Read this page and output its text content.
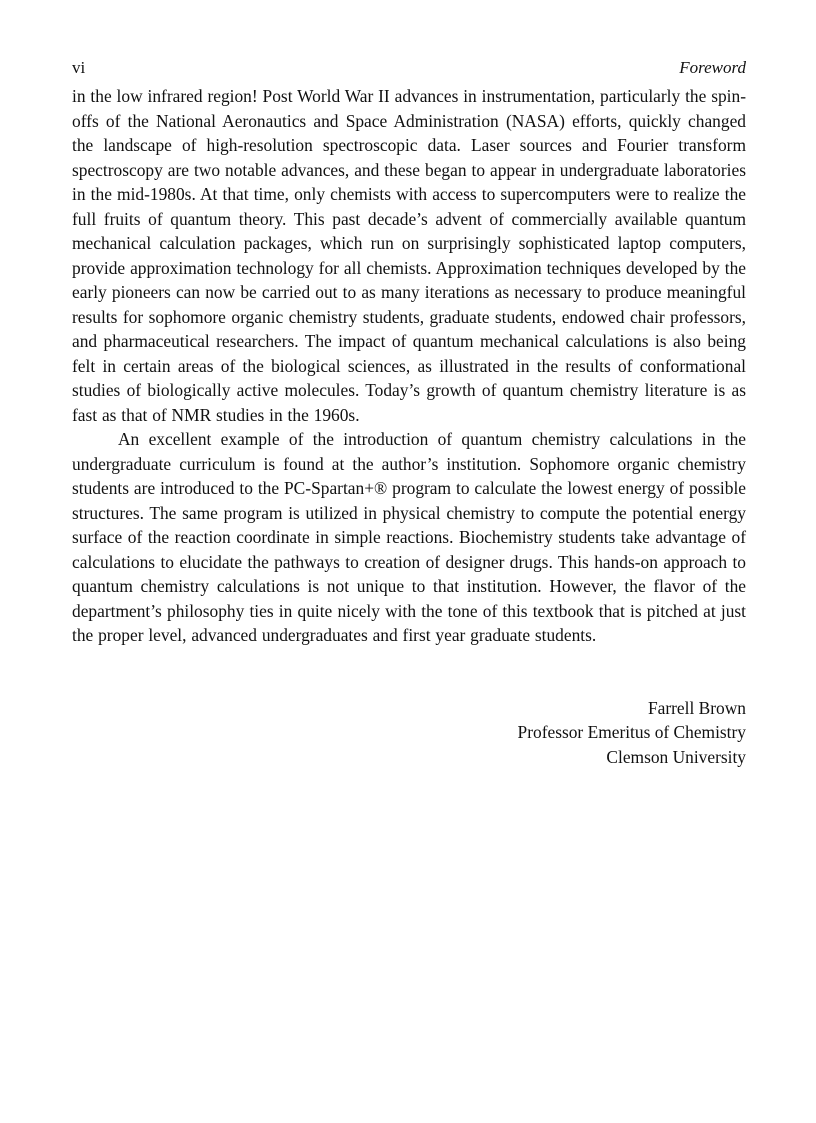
vi	Foreword

in the low infrared region! Post World War II advances in instrumentation, particularly the spin-offs of the National Aeronautics and Space Administration (NASA) efforts, quickly changed the landscape of high-resolution spectroscopic data. Laser sources and Fourier transform spectroscopy are two notable advances, and these began to appear in undergraduate laboratories in the mid-1980s. At that time, only chemists with access to supercomputers were to realize the full fruits of quantum theory. This past decade’s advent of commercially available quantum mechanical calculation packages, which run on surprisingly sophisticated laptop computers, provide approximation technology for all chemists. Approximation techniques developed by the early pioneers can now be carried out to as many iterations as necessary to produce meaningful results for sophomore organic chemistry students, graduate students, endowed chair professors, and pharmaceutical researchers. The impact of quantum mechanical calculations is also being felt in certain areas of the biological sciences, as illustrated in the results of conformational studies of biologically active molecules. Today’s growth of quantum chemistry literature is as fast as that of NMR studies in the 1960s.

An excellent example of the introduction of quantum chemistry calculations in the undergraduate curriculum is found at the author’s institution. Sophomore organic chemistry students are introduced to the PC-Spartan+® program to calculate the lowest energy of possible structures. The same program is utilized in physical chemistry to compute the potential energy surface of the reaction coordinate in simple reactions. Biochemistry students take advantage of calculations to elucidate the pathways to creation of designer drugs. This hands-on approach to quantum chemistry calculations is not unique to that institution. However, the flavor of the department’s philosophy ties in quite nicely with the tone of this textbook that is pitched at just the proper level, advanced undergraduates and first year graduate students.

Farrell Brown
Professor Emeritus of Chemistry
Clemson University
